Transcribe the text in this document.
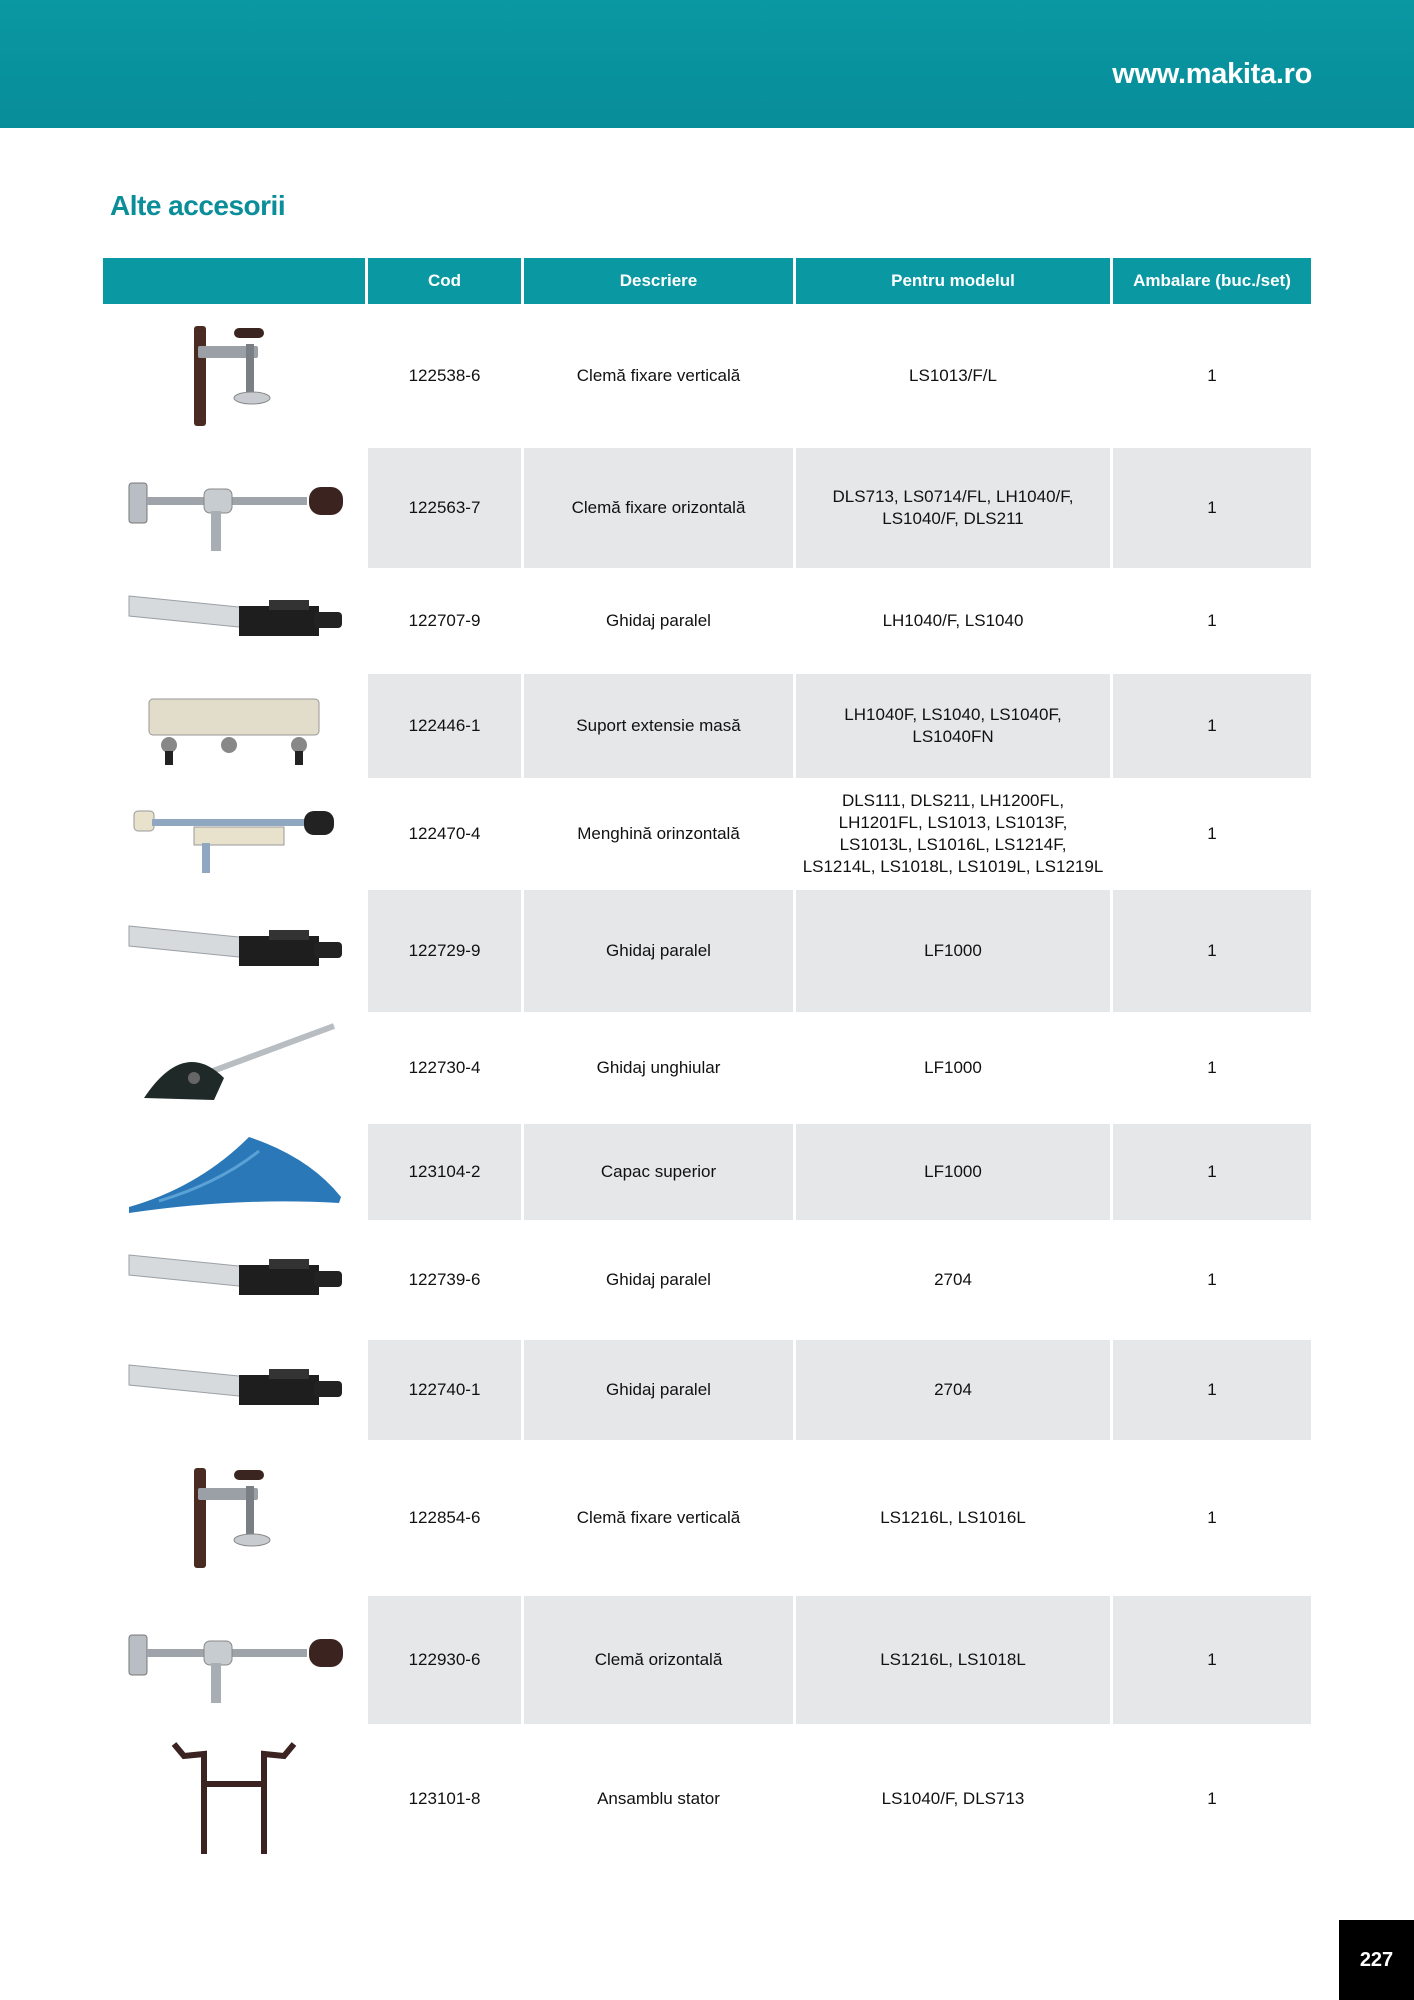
www.makita.ro
Alte accesorii
	Cod	Descriere	Pentru modelul	Ambalare (buc./set)

	122538-6	Clemă fixare verticală	LS1013/F/L	1

	122563-7	Clemă fixare orizontală	DLS713, LS0714/FL, LH1040/F,
LS1040/F, DLS211	1

	122707-9	Ghidaj paralel	LH1040/F, LS1040	1

	122446-1	Suport extensie masă	LH1040F, LS1040, LS1040F,
LS1040FN	1

	122470-4	Menghină orinzontală	DLS111, DLS211, LH1200FL,
LH1201FL, LS1013, LS1013F,
LS1013L, LS1016L, LS1214F,
LS1214L, LS1018L, LS1019L, LS1219L	1

	122729-9	Ghidaj paralel	LF1000	1

	122730-4	Ghidaj unghiular	LF1000	1

	123104-2	Capac superior	LF1000	1

	122739-6	Ghidaj paralel	2704	1

	122740-1	Ghidaj paralel	2704	1

	122854-6	Clemă fixare verticală	LS1216L, LS1016L	1

	122930-6	Clemă orizontală	LS1216L, LS1018L	1

	123101-8	Ansamblu stator	LS1040/F, DLS713	1
227
